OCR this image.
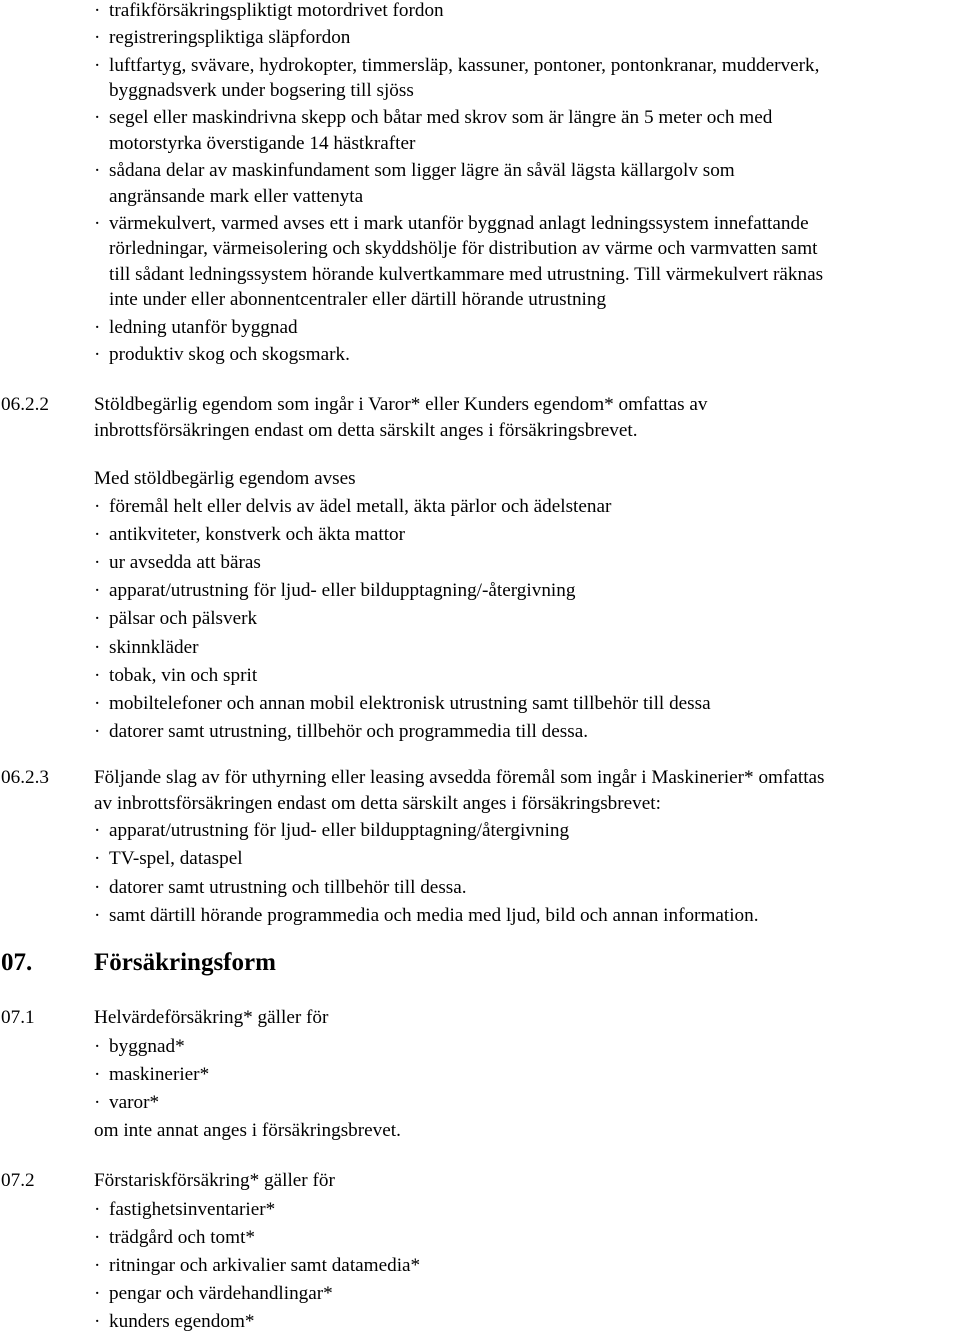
· trafikförsäkringspliktigt motordrivet fordon
· registreringspliktiga släpfordon
· luftfartyg, svävare, hydrokopter, timmersläp, kassuner, pontoner, pontonkranar, mudderverk,
byggnadsverk under bogsering till sjöss
· segel eller maskindrivna skepp och båtar med skrov som är längre än 5 meter och med
motorstyrka överstigande 14 hästkrafter
· sådana delar av maskinfundament som ligger lägre än såväl lägsta källargolv som
angränsande mark eller vattenyta
· värmekulvert, varmed avses ett i mark utanför byggnad anlagt ledningssystem innefattande
rörledningar, värmeisolering och skyddshölje för distribution av värme och varmvatten samt
till sådant ledningssystem hörande kulvertkammare med utrustning. Till värmekulvert räknas
inte under eller abonnentcentraler eller därtill hörande utrustning
· ledning utanför byggnad
· produktiv skog och skogsmark.
06.2.2 Stöldbegärlig egendom som ingår i Varor* eller Kunders egendom* omfattas av
inbrottsförsäkringen endast om detta särskilt anges i försäkringsbrevet.
Med stöldbegärlig egendom avses
· föremål helt eller delvis av ädel metall, äkta pärlor och ädelstenar
· antikviteter, konstverk och äkta mattor
· ur avsedda att bäras
· apparat/utrustning för ljud- eller bildupptagning/-återgivning
· pälsar och pälsverk
· skinnkläder
· tobak, vin och sprit
· mobiltelefoner och annan mobil elektronisk utrustning samt tillbehör till dessa
· datorer samt utrustning, tillbehör och programmedia till dessa.
06.2.3 Följande slag av för uthyrning eller leasing avsedda föremål som ingår i Maskinerier* omfattas
av inbrottsförsäkringen endast om detta särskilt anges i försäkringsbrevet:
· apparat/utrustning för ljud- eller bildupptagning/återgivning
· TV-spel, dataspel
· datorer samt utrustning och tillbehör till dessa.
· samt därtill hörande programmedia och media med ljud, bild och annan information.
07. Försäkringsform
07.1	Helvärdeförsäkring* gäller för
· byggnad*
· maskinerier*
· varor*
om inte annat anges i försäkringsbrevet.
07.2	Förstariskförsäkring* gäller för
· fastighetsinventarier*
· trädgård och tomt*
· ritningar och arkivalier samt datamedia*
· pengar och värdehandlingar*
· kunders egendom*
